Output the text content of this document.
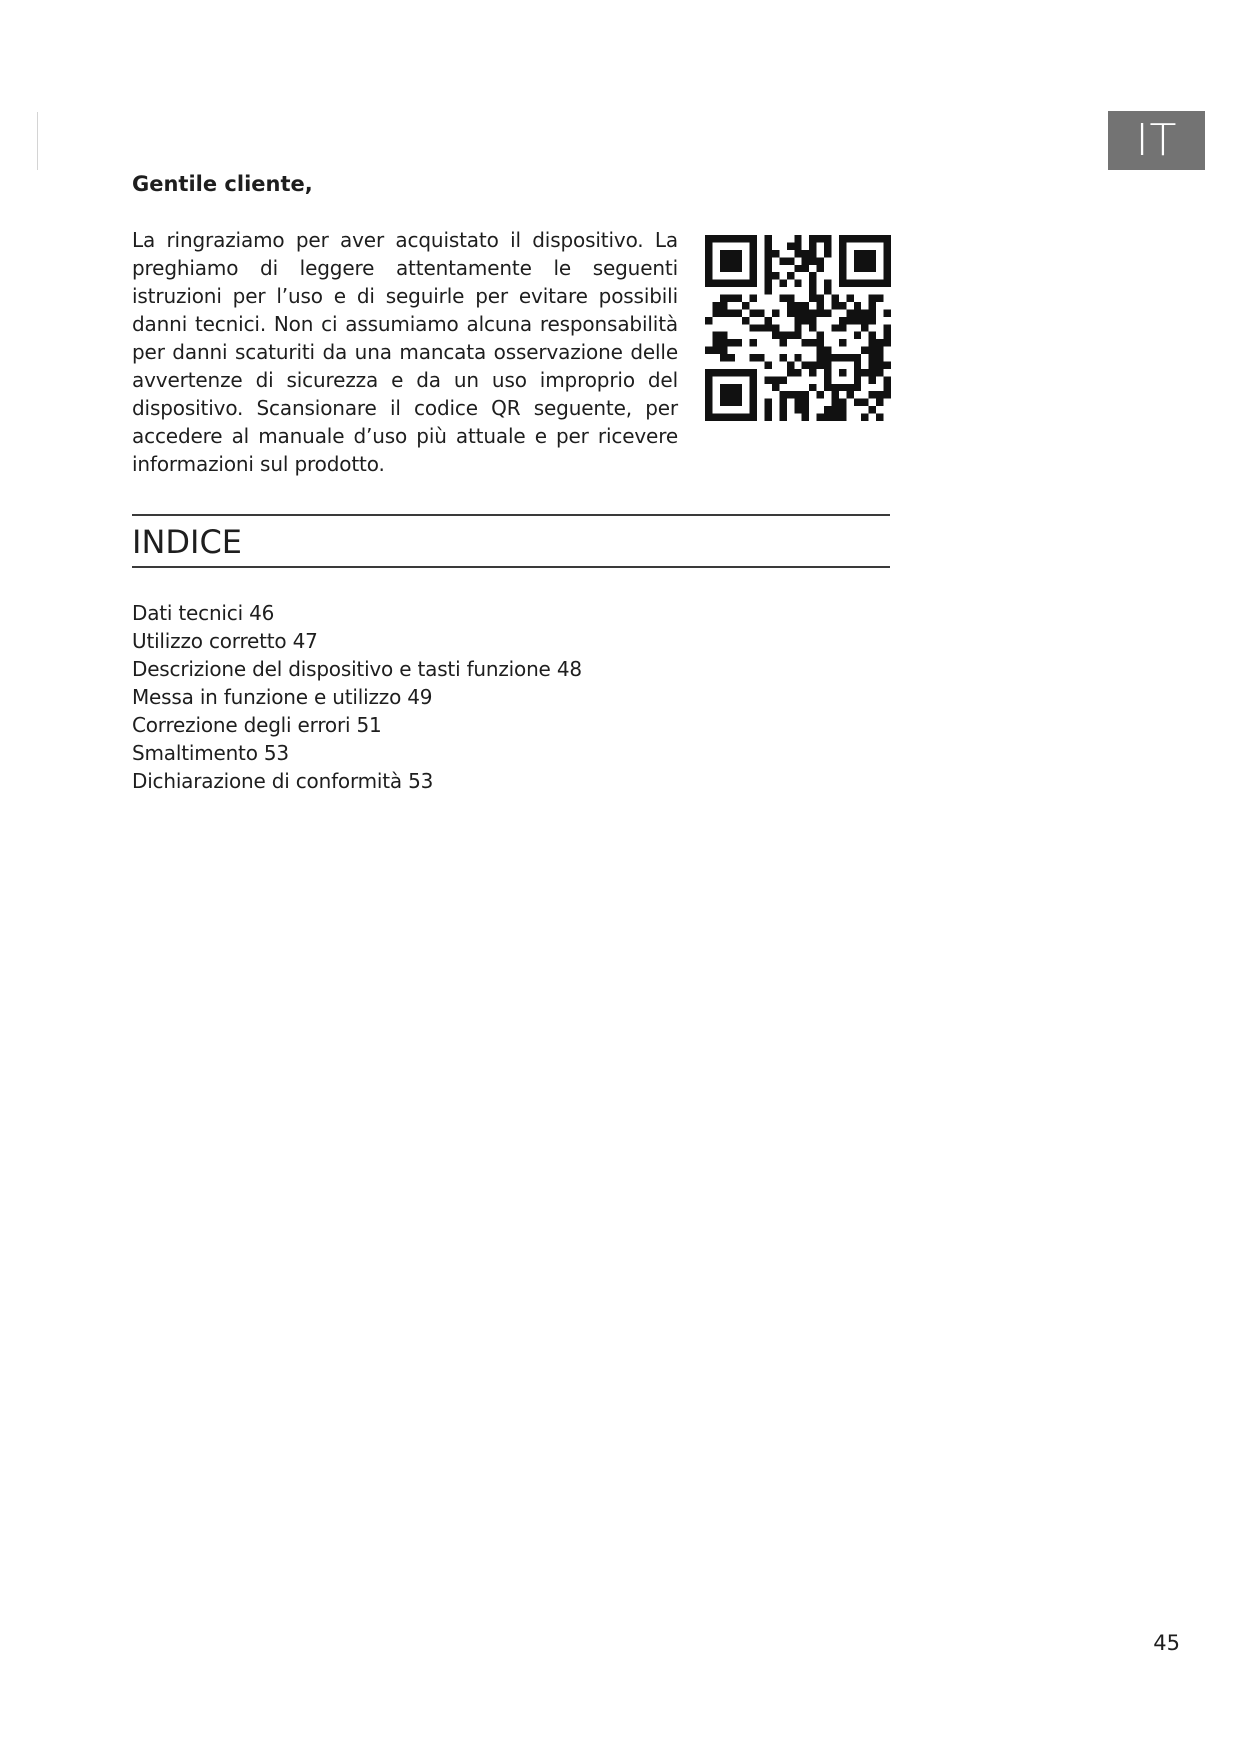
IT
Gentile cliente,

La ringraziamo per aver acquistato il dispositivo. La preghiamo di leggere attentamente le seguenti istruzioni per l’uso e di seguirle per evitare possibili danni tecnici. Non ci assumiamo alcuna responsabilità per danni scaturiti da una mancata osservazione delle avvertenze di sicurezza e da un uso improprio del dispositivo. Scansionare il codice QR seguente, per accedere al manuale d’uso più attuale e per ricevere informazioni sul prodotto.

INDICE
Dati tecnici 46
Utilizzo corretto 47
Descrizione del dispositivo e tasti funzione 48
Messa in funzione e utilizzo 49
Correzione degli errori 51
Smaltimento 53
Dichiarazione di conformità 53
45
